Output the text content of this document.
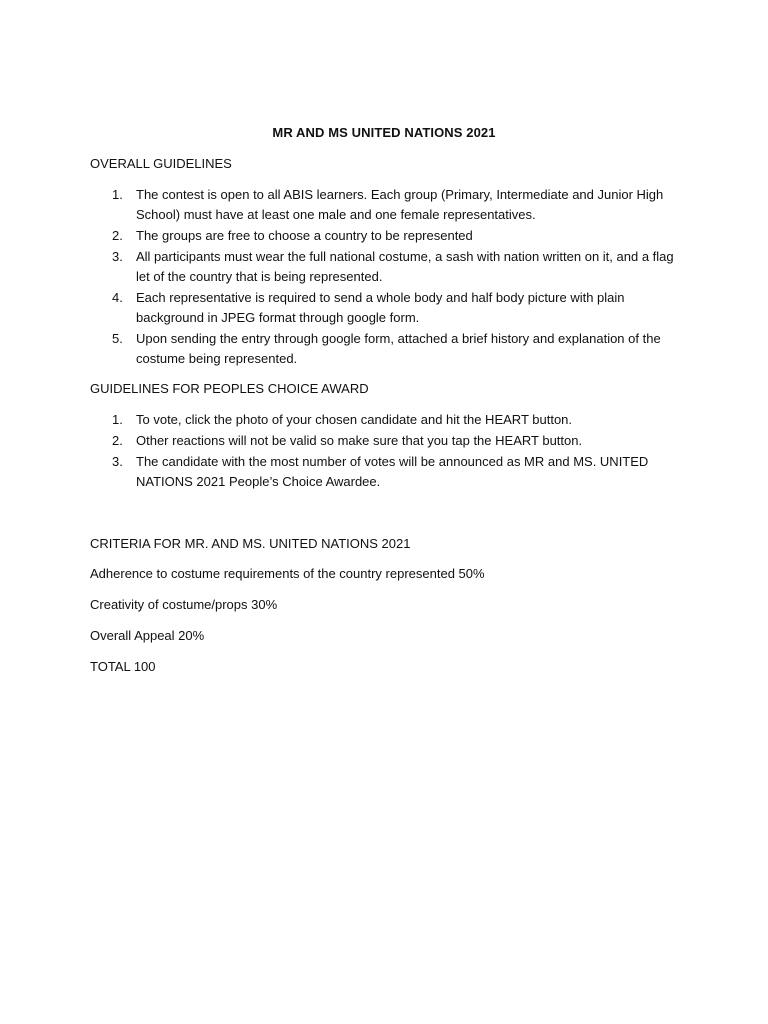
MR AND MS UNITED NATIONS 2021
OVERALL GUIDELINES
1. The contest is open to all ABIS learners. Each group (Primary, Intermediate and Junior High School) must have at least one male and one female representatives.
2. The groups are free to choose a country to be represented
3. All participants must wear the full national costume, a sash with nation written on it, and a flag let of the country that is being represented.
4. Each representative is required to send a whole body and half body picture with plain background in JPEG format through google form.
5. Upon sending the entry through google form, attached a brief history and explanation of the costume being represented.
GUIDELINES FOR PEOPLES CHOICE AWARD
1. To vote, click the photo of your chosen candidate and hit the HEART button.
2. Other reactions will not be valid so make sure that you tap the HEART button.
3. The candidate with the most number of votes will be announced as MR and MS. UNITED NATIONS 2021 People’s Choice Awardee.
CRITERIA FOR MR. AND MS. UNITED NATIONS 2021
Adherence to costume requirements of the country represented 50%
Creativity of costume/props 30%
Overall Appeal 20%
TOTAL 100
